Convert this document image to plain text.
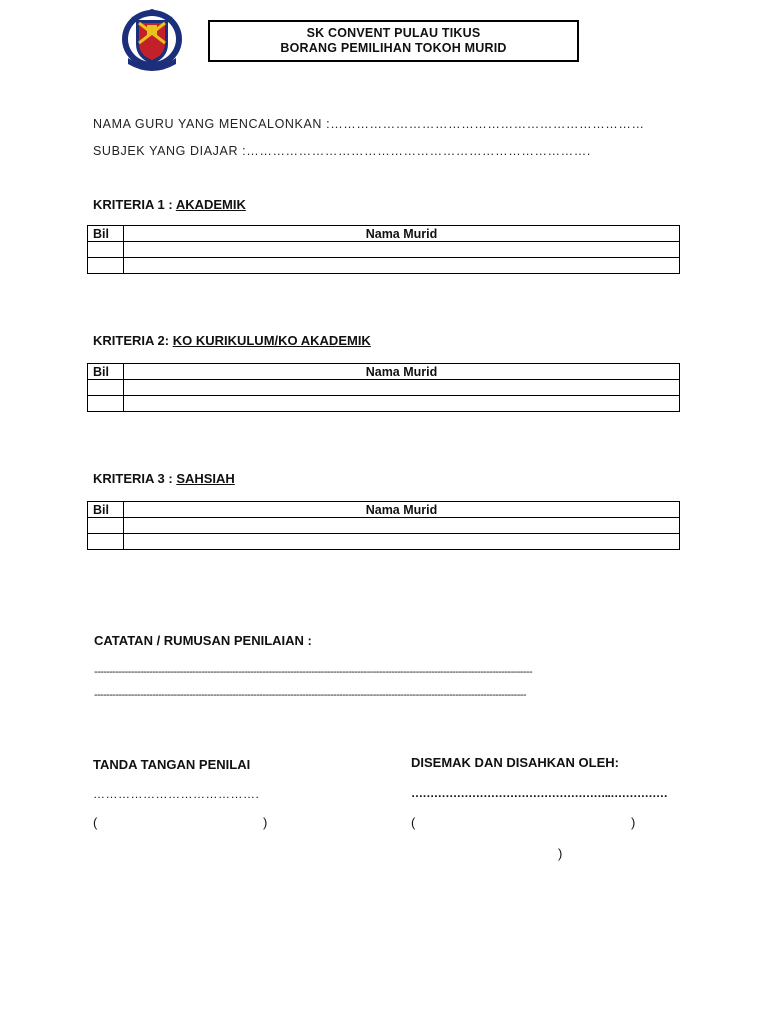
SK CONVENT PULAU TIKUS
BORANG PEMILIHAN TOKOH MURID
NAMA GURU YANG MENCALONKAN :………………………………………………………………
SUBJEK YANG DIAJAR :…………………………………………………………………….
KRITERIA 1 : AKADEMIK
Bil	Nama Murid

KRITERIA 2: KO KURIKULUM/KO AKADEMIK
Bil	Nama Murid

KRITERIA 3 : SAHSIAH
Bil	Nama Murid

CATATAN / RUMUSAN PENILAIAN :
-----------------------------------------------------------------------------------------------------------------------------------------------
---------------------------------------------------------------------------------------------------------------------------------------------
TANDA TANGAN PENILAI
………………………………….
(	)
DISEMAK DAN DISAHKAN OLEH:
……………………………………………..……………
(	)
)
